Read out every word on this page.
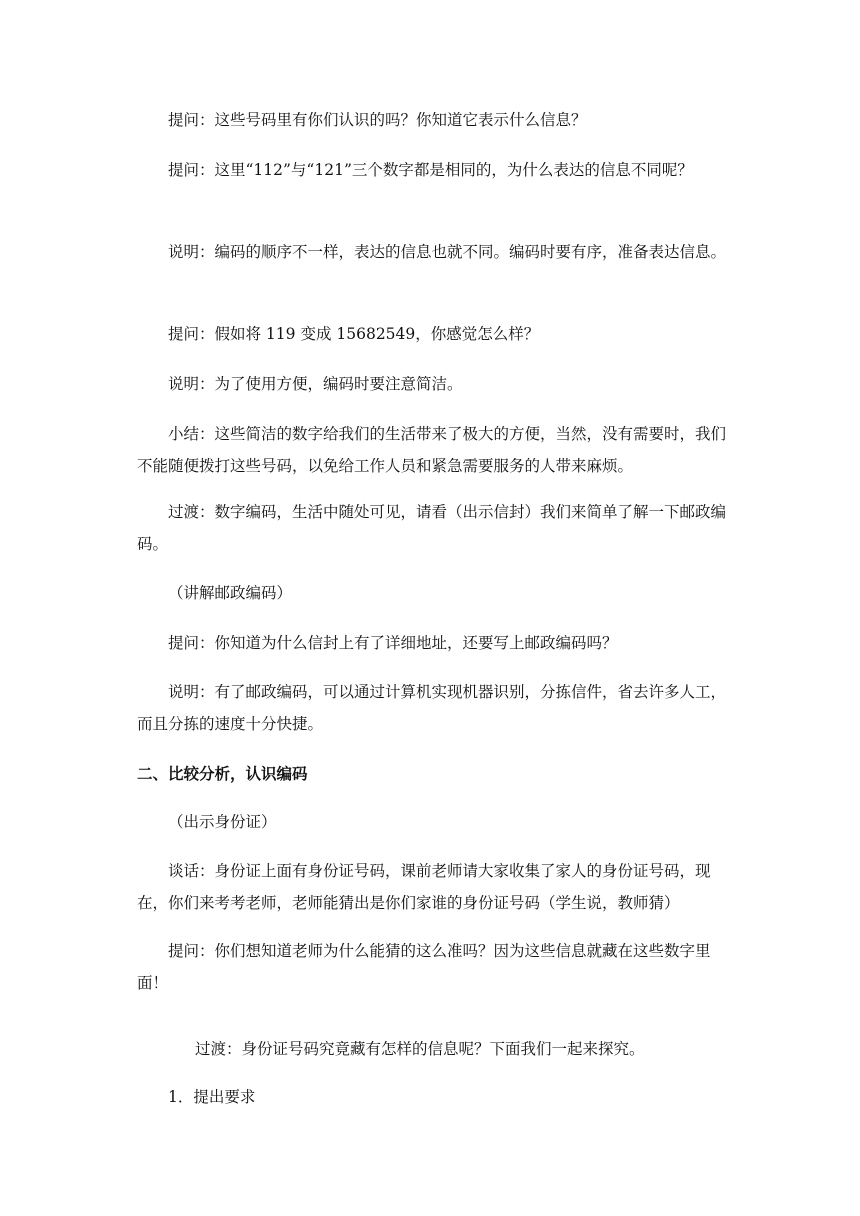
提问：这些号码里有你们认识的吗？你知道它表示什么信息？

提问：这里“112”与“121”三个数字都是相同的，为什么表达的信息不同呢？

说明：编码的顺序不一样，表达的信息也就不同。编码时要有序，准备表达信息。

提问：假如将 119 变成 15682549，你感觉怎么样？

说明：为了使用方便，编码时要注意简洁。

小结：这些简洁的数字给我们的生活带来了极大的方便，当然，没有需要时，我们不能随便拨打这些号码，以免给工作人员和紧急需要服务的人带来麻烦。

过渡：数字编码，生活中随处可见，请看（出示信封）我们来简单了解一下邮政编码。

（讲解邮政编码）

提问：你知道为什么信封上有了详细地址，还要写上邮政编码吗？

说明：有了邮政编码，可以通过计算机实现机器识别，分拣信件，省去许多人工，而且分拣的速度十分快捷。

二、比较分析，认识编码

（出示身份证）

谈话：身份证上面有身份证号码，课前老师请大家收集了家人的身份证号码，现在，你们来考考老师，老师能猜出是你们家谁的身份证号码（学生说，教师猜）

提问：你们想知道老师为什么能猜的这么准吗？因为这些信息就藏在这些数字里面！

过渡：身份证号码究竟藏有怎样的信息呢？下面我们一起来探究。

1．提出要求
